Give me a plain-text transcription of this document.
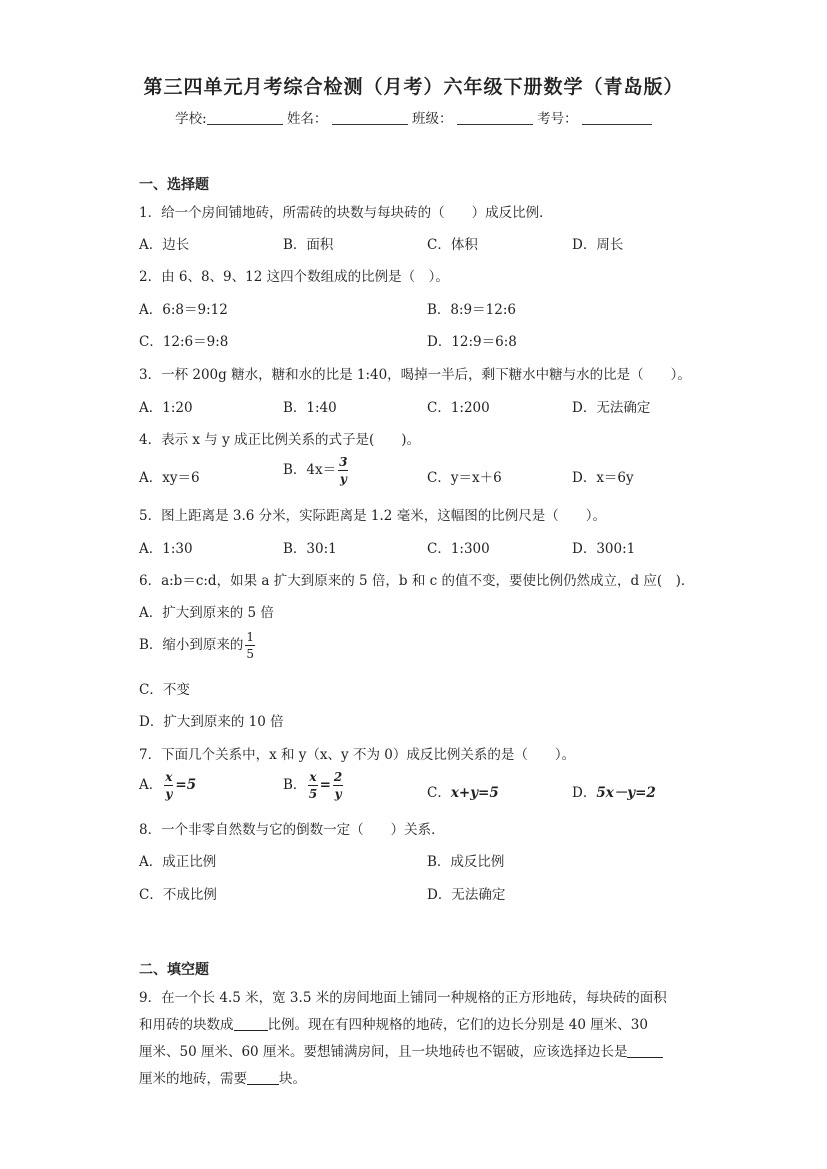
第三四单元月考综合检测（月考）六年级下册数学（青岛版）
学校:	姓名：	班级：	考号：
一、选择题
1．给一个房间铺地砖，所需砖的块数与每块砖的（　　）成反比例．
A．边长	B．面积	C．体积	D．周长
2．由 6、8、9、12 这四个数组成的比例是（　）。
A．6:8＝9:12	B．8:9＝12:6
C．12:6＝9:8	D．12:9＝6:8
3．一杯 200g 糖水，糖和水的比是 1:40，喝掉一半后，剩下糖水中糖与水的比是（　　）。
A．1:20	B．1:40	C．1:200	D．无法确定
4．表示 x 与 y 成正比例关系的式子是(　　)。
A．xy＝6	B．$4x= \frac{3}{y}$	C．y＝x＋6	D．x＝6y
5．图上距离是 3.6 分米，实际距离是 1.2 毫米，这幅图的比例尺是（　　）。
A．1:30	B．30:1	C．1:300	D．300:1
6．a:b＝c:d，如果 a 扩大到原来的 5 倍，b 和 c 的值不变，要使比例仍然成立，d 应(　)．
A．扩大到原来的 5 倍
B．缩小到原来的 $\frac{1}{5}$
C．不变
D．扩大到原来的 10 倍
7．下面几个关系中，x 和 y（x、y 不为 0）成反比例关系的是（　　）。
A． $\frac{x}{y} =5$	B． $\frac{x}{5} = \frac{2}{y}$	C．x+y=5	D．5x－y=2
8．一个非零自然数与它的倒数一定（　　）关系．
A．成正比例	B．成反比例
C．不成比例	D．无法确定
二、填空题
9．在一个长 4.5 米，宽 3.5 米的房间地面上铺同一种规格的正方形地砖，每块砖的面积
和用砖的块数成	比例。现在有四种规格的地砖，它们的边长分别是 40 厘米、30
厘米、50 厘米、60 厘米。要想铺满房间，且一块地砖也不锯破，应该选择边长是
厘米的地砖，需要 块。
